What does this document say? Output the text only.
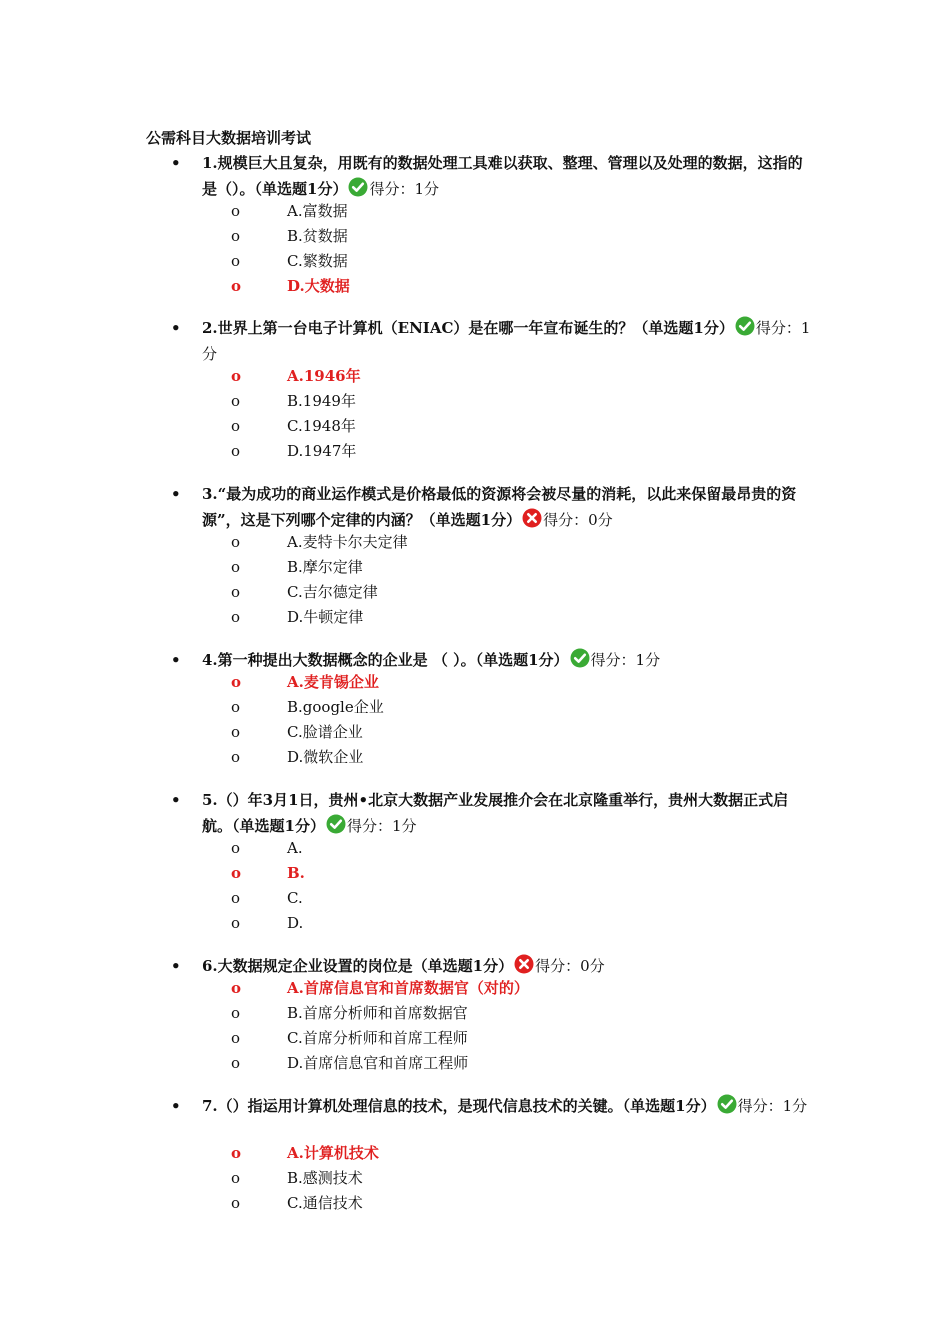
公需科目大数据培训考试
• 1.规模巨大且复杂，用既有的数据处理工具难以获取、整理、管理以及处理的数据，这指的是（）。（单选题1分） 得分：1分
o	A.富数据
o	B.贫数据
o	C.繁数据
o	D.大数据
• 2.世界上第一台电子计算机（ENIAC）是在哪一年宣布诞生的？（单选题1分） 得分：1分
o	A.1946年
o	B.1949年
o	C.1948年
o	D.1947年
• 3.“最为成功的商业运作模式是价格最低的资源将会被尽量的消耗，以此来保留最昂贵的资源”，这是下列哪个定律的内涵？（单选题1分） 得分：0分
o	A.麦特卡尔夫定律
o	B.摩尔定律
o	C.吉尔德定律
o	D.牛顿定律
• 4.第一种提出大数据概念的企业是 （ ）。（单选题1分） 得分：1分
o	A.麦肯锡企业
o	B.google企业
o	C.脸谱企业
o	D.微软企业
• 5.（）年3月1日，贵州•北京大数据产业发展推介会在北京隆重举行，贵州大数据正式启航。（单选题1分） 得分：1分
o	A.
o	B.
o	C.
o	D.
• 6.大数据规定企业设置的岗位是（单选题1分） 得分：0分
o	A.首席信息官和首席数据官（对的）
o	B.首席分析师和首席数据官
o	C.首席分析师和首席工程师
o	D.首席信息官和首席工程师
• 7.（）指运用计算机处理信息的技术，是现代信息技术的关键。（单选题1分） 得分：1分
o	A.计算机技术
o	B.感测技术
o	C.通信技术
